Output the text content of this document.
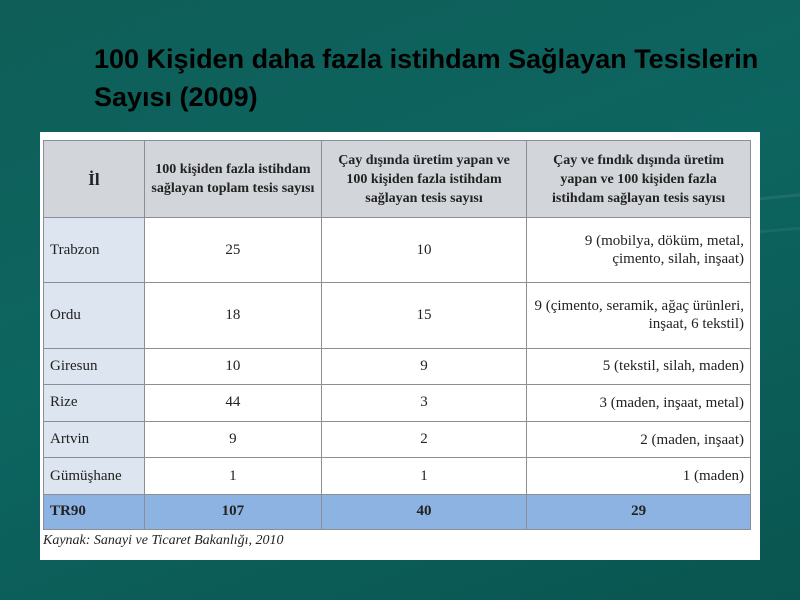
100 Kişiden daha fazla istihdam Sağlayan Tesislerin Sayısı (2009)
İl	100 kişiden fazla istihdam sağlayan toplam tesis sayısı	Çay dışında üretim yapan ve 100 kişiden fazla istihdam sağlayan tesis sayısı	Çay ve fındık dışında üretim yapan ve 100 kişiden fazla istihdam sağlayan tesis sayısı
Trabzon	25	10	9 (mobilya, döküm, metal, çimento, silah, inşaat)
Ordu	18	15	9 (çimento, seramik, ağaç ürünleri, inşaat, 6 tekstil)
Giresun	10	9	5 (tekstil, silah, maden)
Rize	44	3	3 (maden, inşaat, metal)
Artvin	9	2	2 (maden, inşaat)
Gümüşhane	1	1	1 (maden)
TR90	107	40	29
Kaynak: Sanayi ve Ticaret Bakanlığı, 2010
